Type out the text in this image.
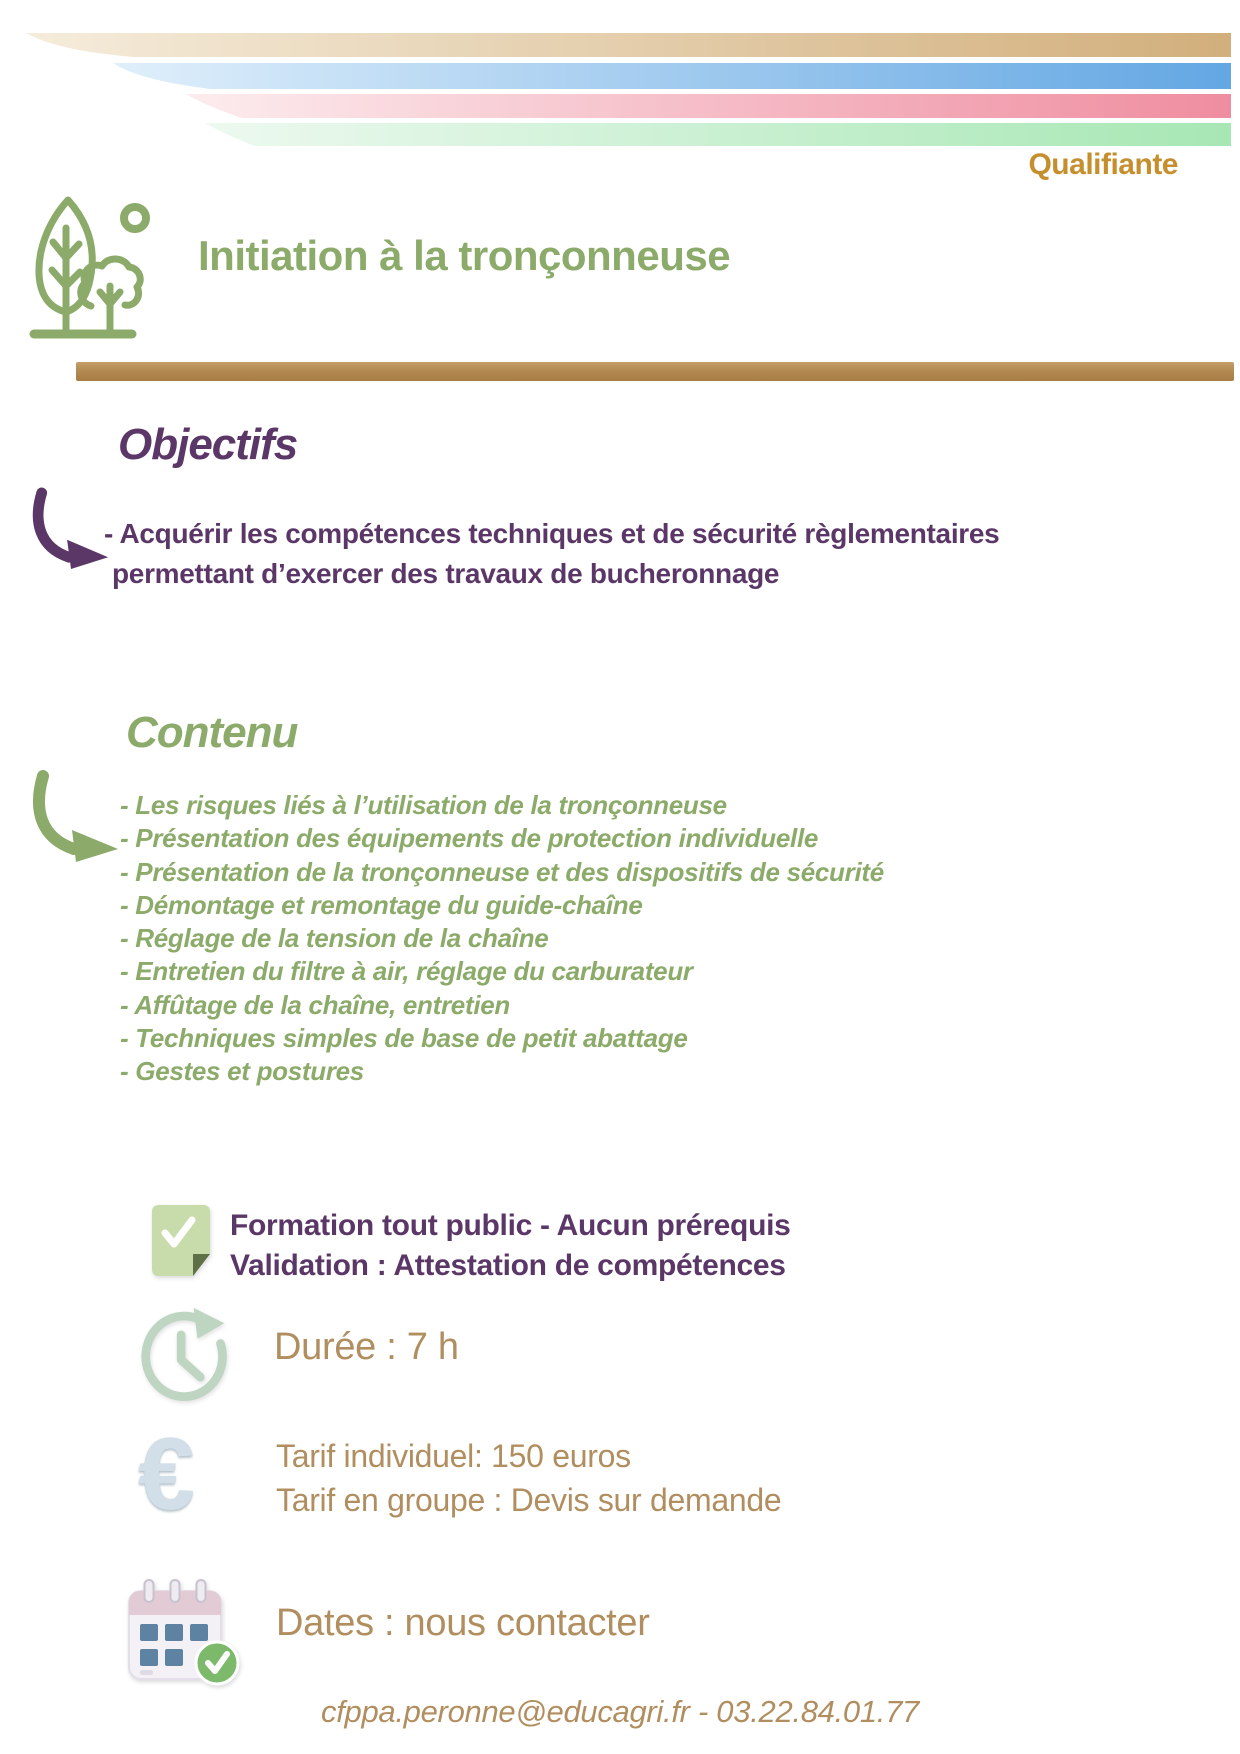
Qualifiante
Initiation à la tronçonneuse
Objectifs
- Acquérir les compétences techniques et de sécurité règlementaires
permettant d’exercer des travaux de bucheronnage
Contenu
- Les risques liés à l’utilisation de la tronçonneuse
- Présentation des équipements de protection individuelle
- Présentation de la tronçonneuse et des dispositifs de sécurité
- Démontage et remontage du guide-chaîne
- Réglage de la tension de la chaîne
- Entretien du filtre à air, réglage du carburateur
- Affûtage de la chaîne, entretien
- Techniques simples de base de petit abattage
- Gestes et postures
Formation tout public - Aucun prérequis
Validation : Attestation de compétences
Durée : 7 h
€	Tarif individuel: 150 euros
Tarif en groupe : Devis sur demande
Dates : nous contacter
cfppa.peronne@educagri.fr - 03.22.84.01.77
